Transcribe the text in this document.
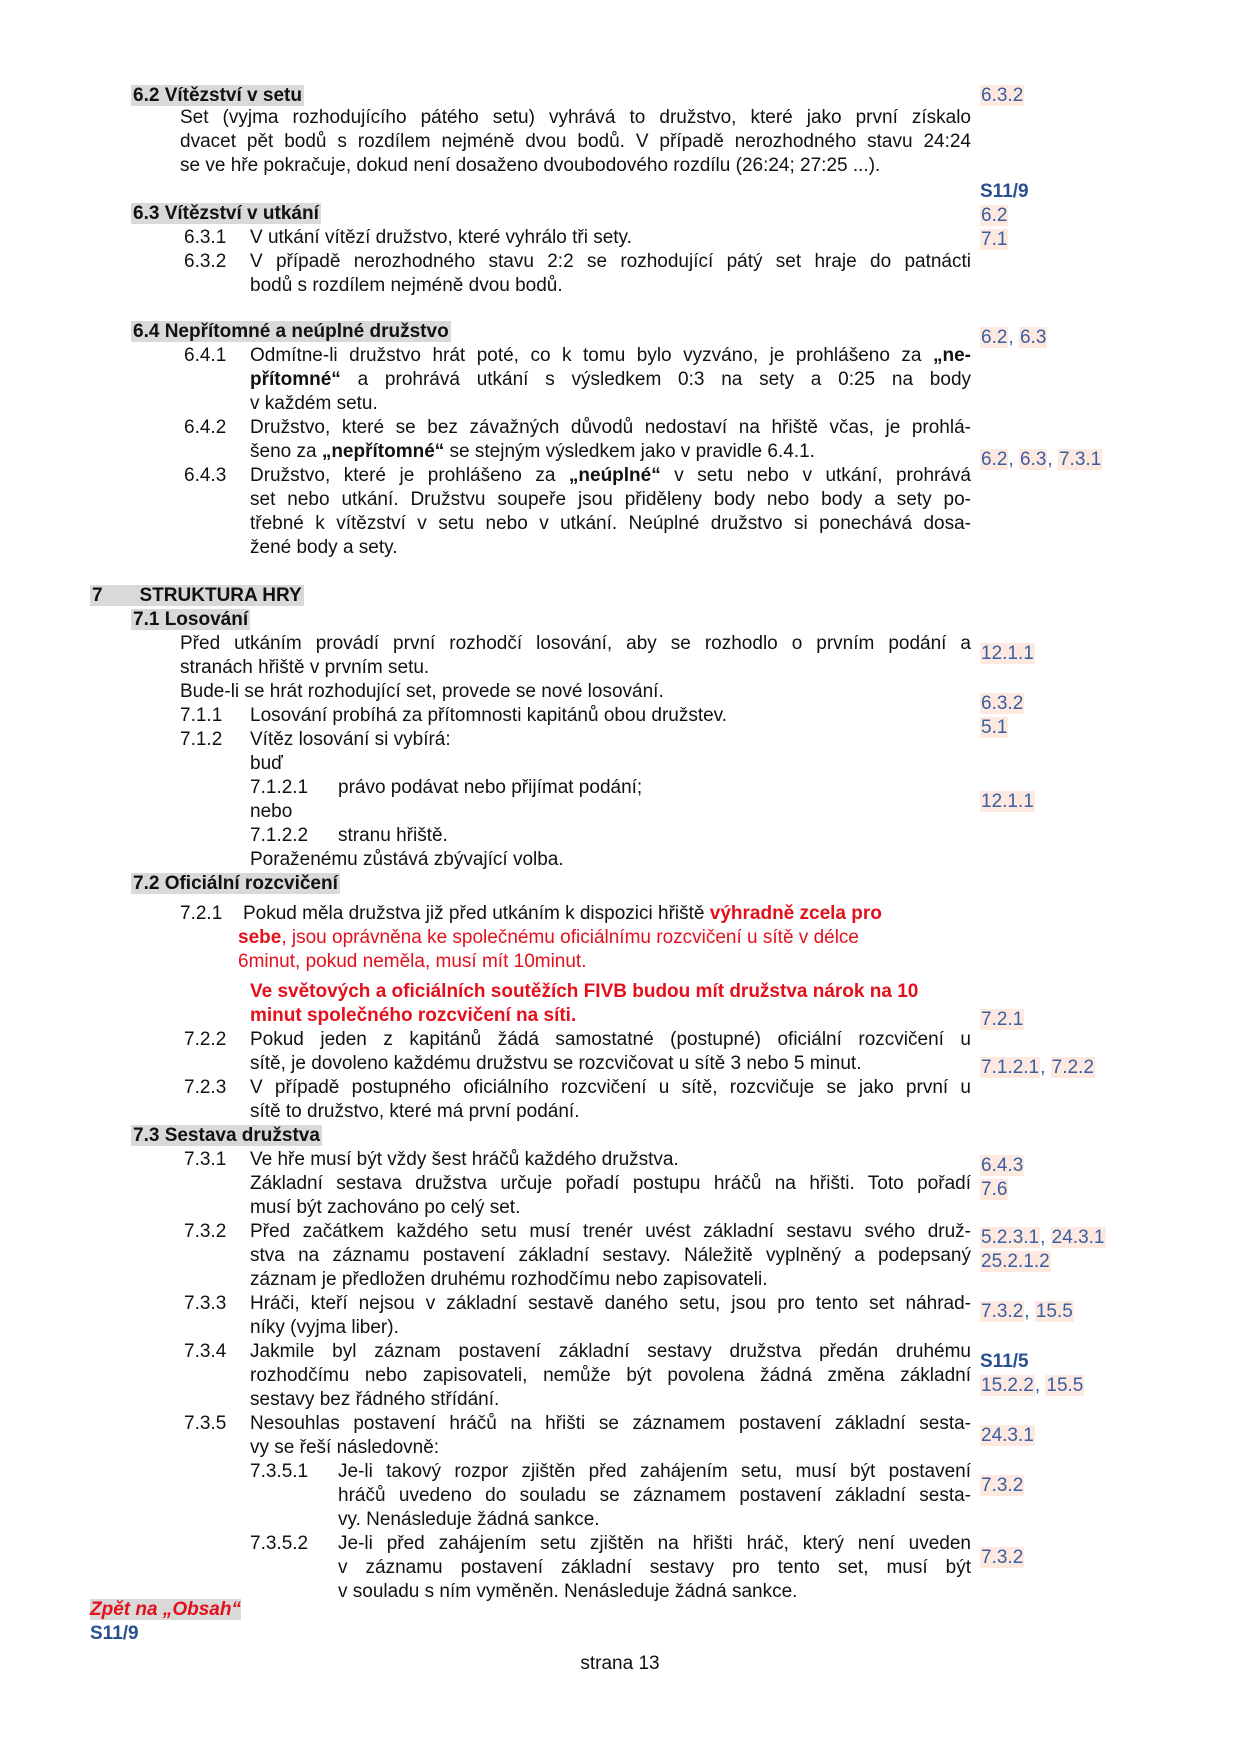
6.2 Vítězství v setu
Set (vyjma rozhodujícího pátého setu) vyhrává to družstvo, které jako první získalo
dvacet pět bodů s rozdílem nejméně dvou bodů. V případě nerozhodného stavu 24:24
se ve hře pokračuje, dokud není dosaženo dvoubodového rozdílu (26:24; 27:25 ...).
6.3 Vítězství v utkání
6.3.1 V utkání vítězí družstvo, které vyhrálo tři sety.
6.3.2 V případě nerozhodného stavu 2:2 se rozhodující pátý set hraje do patnácti
bodů s rozdílem nejméně dvou bodů.
6.4 Nepřítomné a neúplné družstvo
6.4.1 Odmítne-li družstvo hrát poté, co k tomu bylo vyzváno, je prohlášeno za „ne-
přítomné“ a prohrává utkání s výsledkem 0:3 na sety a 0:25 na body
v každém setu.
6.4.2 Družstvo, které se bez závažných důvodů nedostaví na hřiště včas, je prohlá-
šeno za „nepřítomné“ se stejným výsledkem jako v pravidle 6.4.1.
6.4.3 Družstvo, které je prohlášeno za „neúplné“ v setu nebo v utkání, prohrává
set nebo utkání. Družstvu soupeře jsou přiděleny body nebo body a sety po-
třebné k vítězství v setu nebo v utkání. Neúplné družstvo si ponechává dosa-
žené body a sety.
7       STRUKTURA HRY
7.1 Losování
Před utkáním provádí první rozhodčí losování, aby se rozhodlo o prvním podání a
stranách hřiště v prvním setu.
Bude-li se hrát rozhodující set, provede se nové losování.
7.1.1 Losování probíhá za přítomnosti kapitánů obou družstev.
7.1.2 Vítěz losování si vybírá:
buď
7.1.2.1 právo podávat nebo přijímat podání;
nebo
7.1.2.2 stranu hřiště.
Poraženému zůstává zbývající volba.
7.2 Oficiální rozcvičení
7.2.1 Pokud měla družstva již před utkáním k dispozici hřiště výhradně zcela pro
sebe, jsou oprávněna ke společnému oficiálnímu rozcvičení u sítě v délce
6minut, pokud neměla, musí mít 10minut.
Ve světových a oficiálních soutěžích FIVB budou mít družstva nárok na 10
minut společného rozcvičení na síti.
7.2.2 Pokud jeden z kapitánů žádá samostatné (postupné) oficiální rozcvičení u
sítě, je dovoleno každému družstvu se rozcvičovat u sítě 3 nebo 5 minut.
7.2.3 V případě postupného oficiálního rozcvičení u sítě, rozcvičuje se jako první u
sítě to družstvo, které má první podání.
7.3 Sestava družstva
7.3.1 Ve hře musí být vždy šest hráčů každého družstva.
Základní sestava družstva určuje pořadí postupu hráčů na hřišti. Toto pořadí
musí být zachováno po celý set.
7.3.2 Před začátkem každého setu musí trenér uvést základní sestavu svého druž-
stva na záznamu postavení základní sestavy. Náležitě vyplněný a podepsaný
záznam je předložen druhému rozhodčímu nebo zapisovateli.
7.3.3 Hráči, kteří nejsou v základní sestavě daného setu, jsou pro tento set náhrad-
níky (vyjma liber).
7.3.4 Jakmile byl záznam postavení základní sestavy družstva předán druhému
rozhodčímu nebo zapisovateli, nemůže být povolena žádná změna základní
sestavy bez řádného střídání.
7.3.5 Nesouhlas postavení hráčů na hřišti se záznamem postavení základní sesta-
vy se řeší následovně:
7.3.5.1 Je-li takový rozpor zjištěn před zahájením setu, musí být postavení
hráčů uvedeno do souladu se záznamem postavení základní sesta-
vy. Nenásleduje žádná sankce.
7.3.5.2 Je-li před zahájením setu zjištěn na hřišti hráč, který není uveden
v záznamu postavení základní sestavy pro tento set, musí být
v souladu s ním vyměněn. Nenásleduje žádná sankce.
6.3.2
S11/9
6.2
7.1
6.2, 6.3
6.2, 6.3, 7.3.1
12.1.1
6.3.2
5.1
12.1.1
7.2.1
7.1.2.1, 7.2.2
6.4.3
7.6
5.2.3.1, 24.3.1
25.2.1.2
7.3.2, 15.5
S11/5
15.2.2, 15.5
24.3.1
7.3.2
7.3.2
Zpět na „Obsah“
S11/9
strana 13
